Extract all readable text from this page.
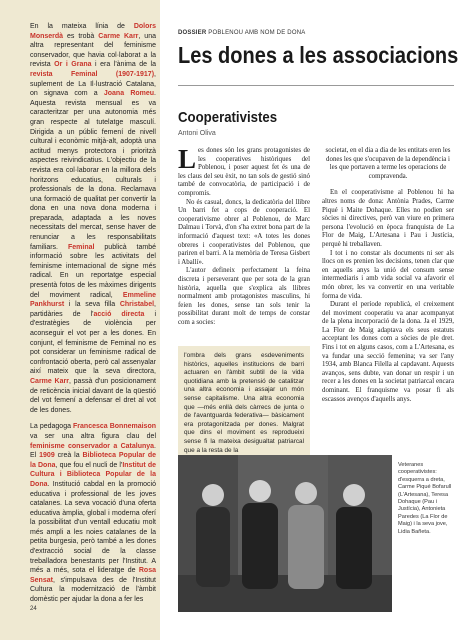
En la mateixa línia de Dolors Monserdà es trobà Carme Karr, una altra representant del feminisme conservador, que havia col·laborat a la revista Or i Grana i era l'ànima de la revista Feminal (1907-1917), suplement de La Il·lustració Catalana, on signava com a Joana Romeu. Aquesta revista mensual es va caracteritzar per una autonomia més gran respecte al tutelatge masculí. Dirigida a un públic femení de nivell cultural i econòmic mitjà-alt, adoptà una actitud menys protectora i prioritzà aspectes reivindicatius. L'objectiu de la revista era col·laborar en la millora dels horitzons educatius, culturals i professionals de la dona. Reclamava una formació de qualitat per convertir la dona en una nova dona moderna i preparada, adaptada a les noves necessitats del mercat, sense haver de renunciar a les responsabilitats familiars. Feminal publicà també informació sobre les activitats del feminisme internacional de signe més radical. En un reportatge especial presentà fotos de les màximes dirigents del moviment radical, Emmeline Pankhurst i la seva filla Christabel, partidàries de l'acció directa i d'estratègies de violència per aconseguir el vot per a les dones. En conjunt, el feminisme de Feminal no es pot considerar un feminisme radical de confrontació oberta, però cal assenyalar així mateix que la seva directora, Carme Karr, passà d'un posicionament de reticència inicial davant de la qüestió del vot femení a defensar el dret al vot de les dones.

La pedagoga Francesca Bonnemaison va ser una altra figura clau del feminisme conservador a Catalunya. El 1909 creà la Biblioteca Popular de la Dona, que fou el nucli de l'Institut de Cultura i Biblioteca Popular de la Dona. Institució cabdal en la promoció educativa i professional de les joves catalanes. La seva vocació d'una oferta educativa àmplia, global i moderna oferí la possibilitat d'un ventall educatiu molt més ampli a les noies catalanes de la petita burgesia, però també a les dones d'extracció social de la classe treballadora benestants per l'Institut. A més a més, sota el lideratge de Rosa Sensat, s'impulsava des de l'Institut Cultura la modernització de l'àmbit domèstic per ajudar la dona a fer les

24
DOSSIER POBLENOU AMB NOM DE DONA
Les dones a les associacions
Cooperativistes
Antoni Oliva

Les dones són les grans protagonistes de les cooperatives històriques del Poblenou, i poser aquest fet és una de les claus del seu èxit, no tan sols de gestió sinó també de convocatòria, de participació i de compromís.

No és casual, doncs, la dedicatòria del llibre Un barri fet a cops de cooperació. El cooperativisme obrer al Poblenou, de Marc Dalmau i Torvà, d'on s'ha extret bona part de la informació d'aquest text: «A totes les dones obreres i cooperativistes del Poblenou, que pariren el barri. A la memòria de Teresa Gisbert i Aballí».

L'autor defineix perfectament la feina discreta i perseverant que per sota de la gran història, aquella que s'explica als llibres normalment amb protagonistes masculins, hi feien les dones, sense tan sols tenir la possibilitat durant molt de temps de constar com a socies:

l'ombra dels grans esdeveniments històrics, aquelles institucions de barri actuaren en l'àmbit subtil de la vida quotidiana amb la pretensió de catalitzar una altra economia i assajar un món sense capitalisme. Una altra economia que —més enllà dels càrrecs de junta o de l'avantguarda federativa— bàsicament era protagonitzada per dones. Malgrat que dins el moviment es reprodueixi sense fi la mateixa desigualtat patriarcal que a la resta de la

societat, en el dia a dia de les entitats eren les dones les que s'ocupaven de la dependència i les que portaven a terme les operacions de compravenda.

En el cooperativisme al Poblenou hi ha altres noms de dona: Antònia Prades, Carme Piqué i Maite Dohaque. Elles no podien ser sòcies ni directives, però van viure en primera persona l'evolució en època franquista de La Flor de Maig, L'Artesana i Pau i Justícia, perquè hi treballaven.

I tot i no constar als documents ni ser als llocs on es prenien les decisions, tenen clar que en aquells anys la unió del consum sense intermediaris i amb vida social va afavorir el món obrer, les va convertir en una veritable forma de vida.

Durant el període republicà, el creixement del moviment cooperatiu va anar acompanyat de la plena incorporació de la dona. Ja el 1929, La Flor de Maig adaptava els seus estatuts acceptant les dones com a sòcies de ple dret. Fins i tot en alguns casos, com a L'Artesana, es va fundar una secció femenina; va ser l'any 1934, amb Blanca Filella al capdavant. Aquests avanços, sens dubte, van donar un respir i un recer a les dones en la societat patriarcal encara dominant. El franquisme va posar fi als escassos avenços d'aquells anys.

Veteranes cooperativistes: d'esquerra a dreta, Carme Piqué Bofarull (L'Artesana), Teresa Dohaque (Pau i Justícia), Antonieta Paredes (La Flor de Maig) i la seva jove, Lidia Bañeta.
